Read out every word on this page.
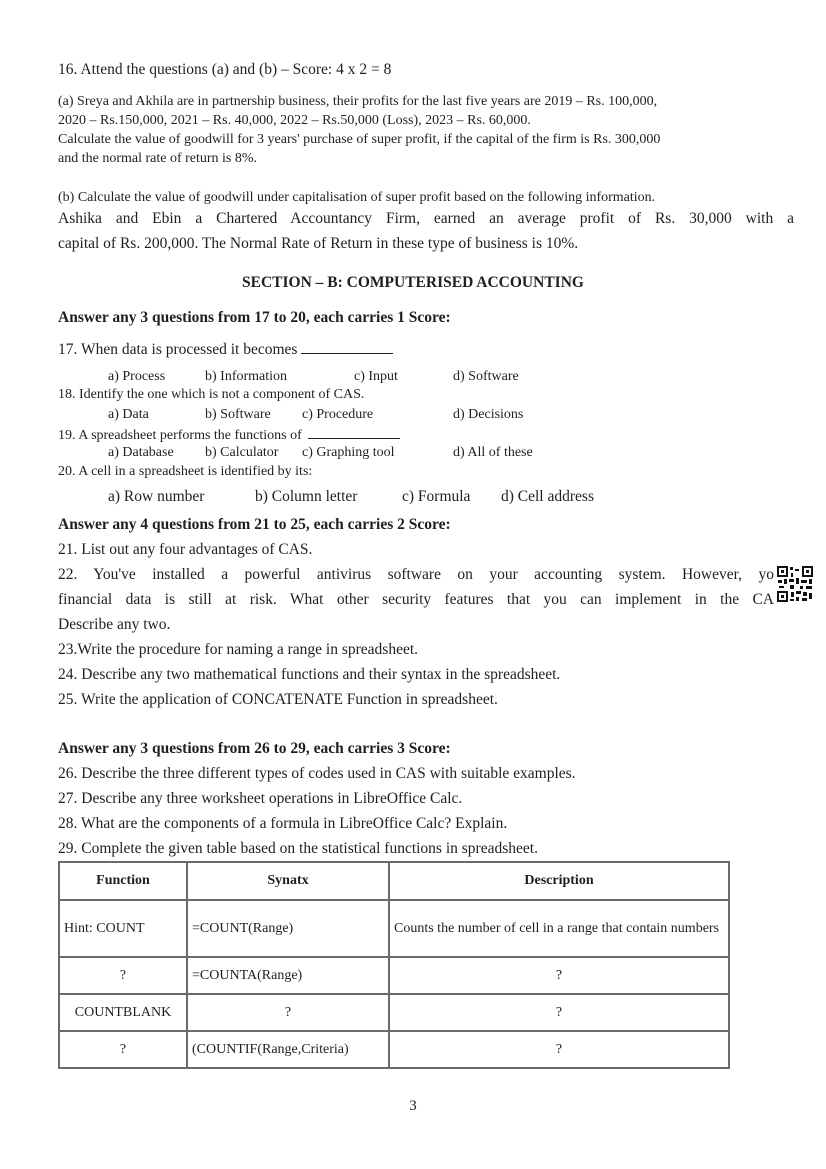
16. Attend the questions (a) and (b) – Score: 4 x 2 = 8
(a) Sreya and Akhila are in partnership business, their profits for the last five years are 2019 – Rs. 100,000,
2020 – Rs.150,000, 2021 – Rs. 40,000, 2022 – Rs.50,000 (Loss), 2023 – Rs. 60,000.
Calculate the value of goodwill for 3 years' purchase of super profit, if the capital of the firm is Rs. 300,000
and the normal rate of return is 8%.
(b) Calculate the value of goodwill under capitalisation of super profit based on the following information.
Ashika and Ebin a Chartered Accountancy Firm, earned an average profit of Rs. 30,000 with a
capital of Rs. 200,000. The Normal Rate of Return in these type of business is 10%.
SECTION – B: COMPUTERISED ACCOUNTING
Answer any 3 questions from 17 to 20, each carries 1 Score:
17. When data is processed it becomes
a) Process	b) Information	c) Input	d) Software
18. Identify the one which is not a component of CAS.
a) Data	b) Software c) Procedure	d) Decisions
19. A spreadsheet performs the functions of
a) Database b) Calculator c) Graphing tool	d) All of these
20. A cell in a spreadsheet is identified by its:
a) Row number	b) Column letter	c) Formula d) Cell address
Answer any 4 questions from 21 to 25, each carries 2 Score:
21. List out any four advantages of CAS.
22. You've installed a powerful antivirus software on your accounting system. However, yo
financial data is still at risk. What other security features that you can implement in the CA
Describe any two.
23.Write the procedure for naming a range in spreadsheet.
24. Describe any two mathematical functions and their syntax in the spreadsheet.
25. Write the application of CONCATENATE Function in spreadsheet.
Answer any 3 questions from 26 to 29, each carries 3 Score:
26. Describe the three different types of codes used in CAS with suitable examples.
27. Describe any three worksheet operations in LibreOffice Calc.
28. What are the components of a formula in LibreOffice Calc? Explain.
29. Complete the given table based on the statistical functions in spreadsheet.
Function	Synatx	Description
Hint: COUNT	=COUNT(Range)	Counts the number of cell in a range that contain numbers
?	=COUNTA(Range)	?
COUNTBLANK	?	?
?	(COUNTIF(Range,Criteria)	?
3
